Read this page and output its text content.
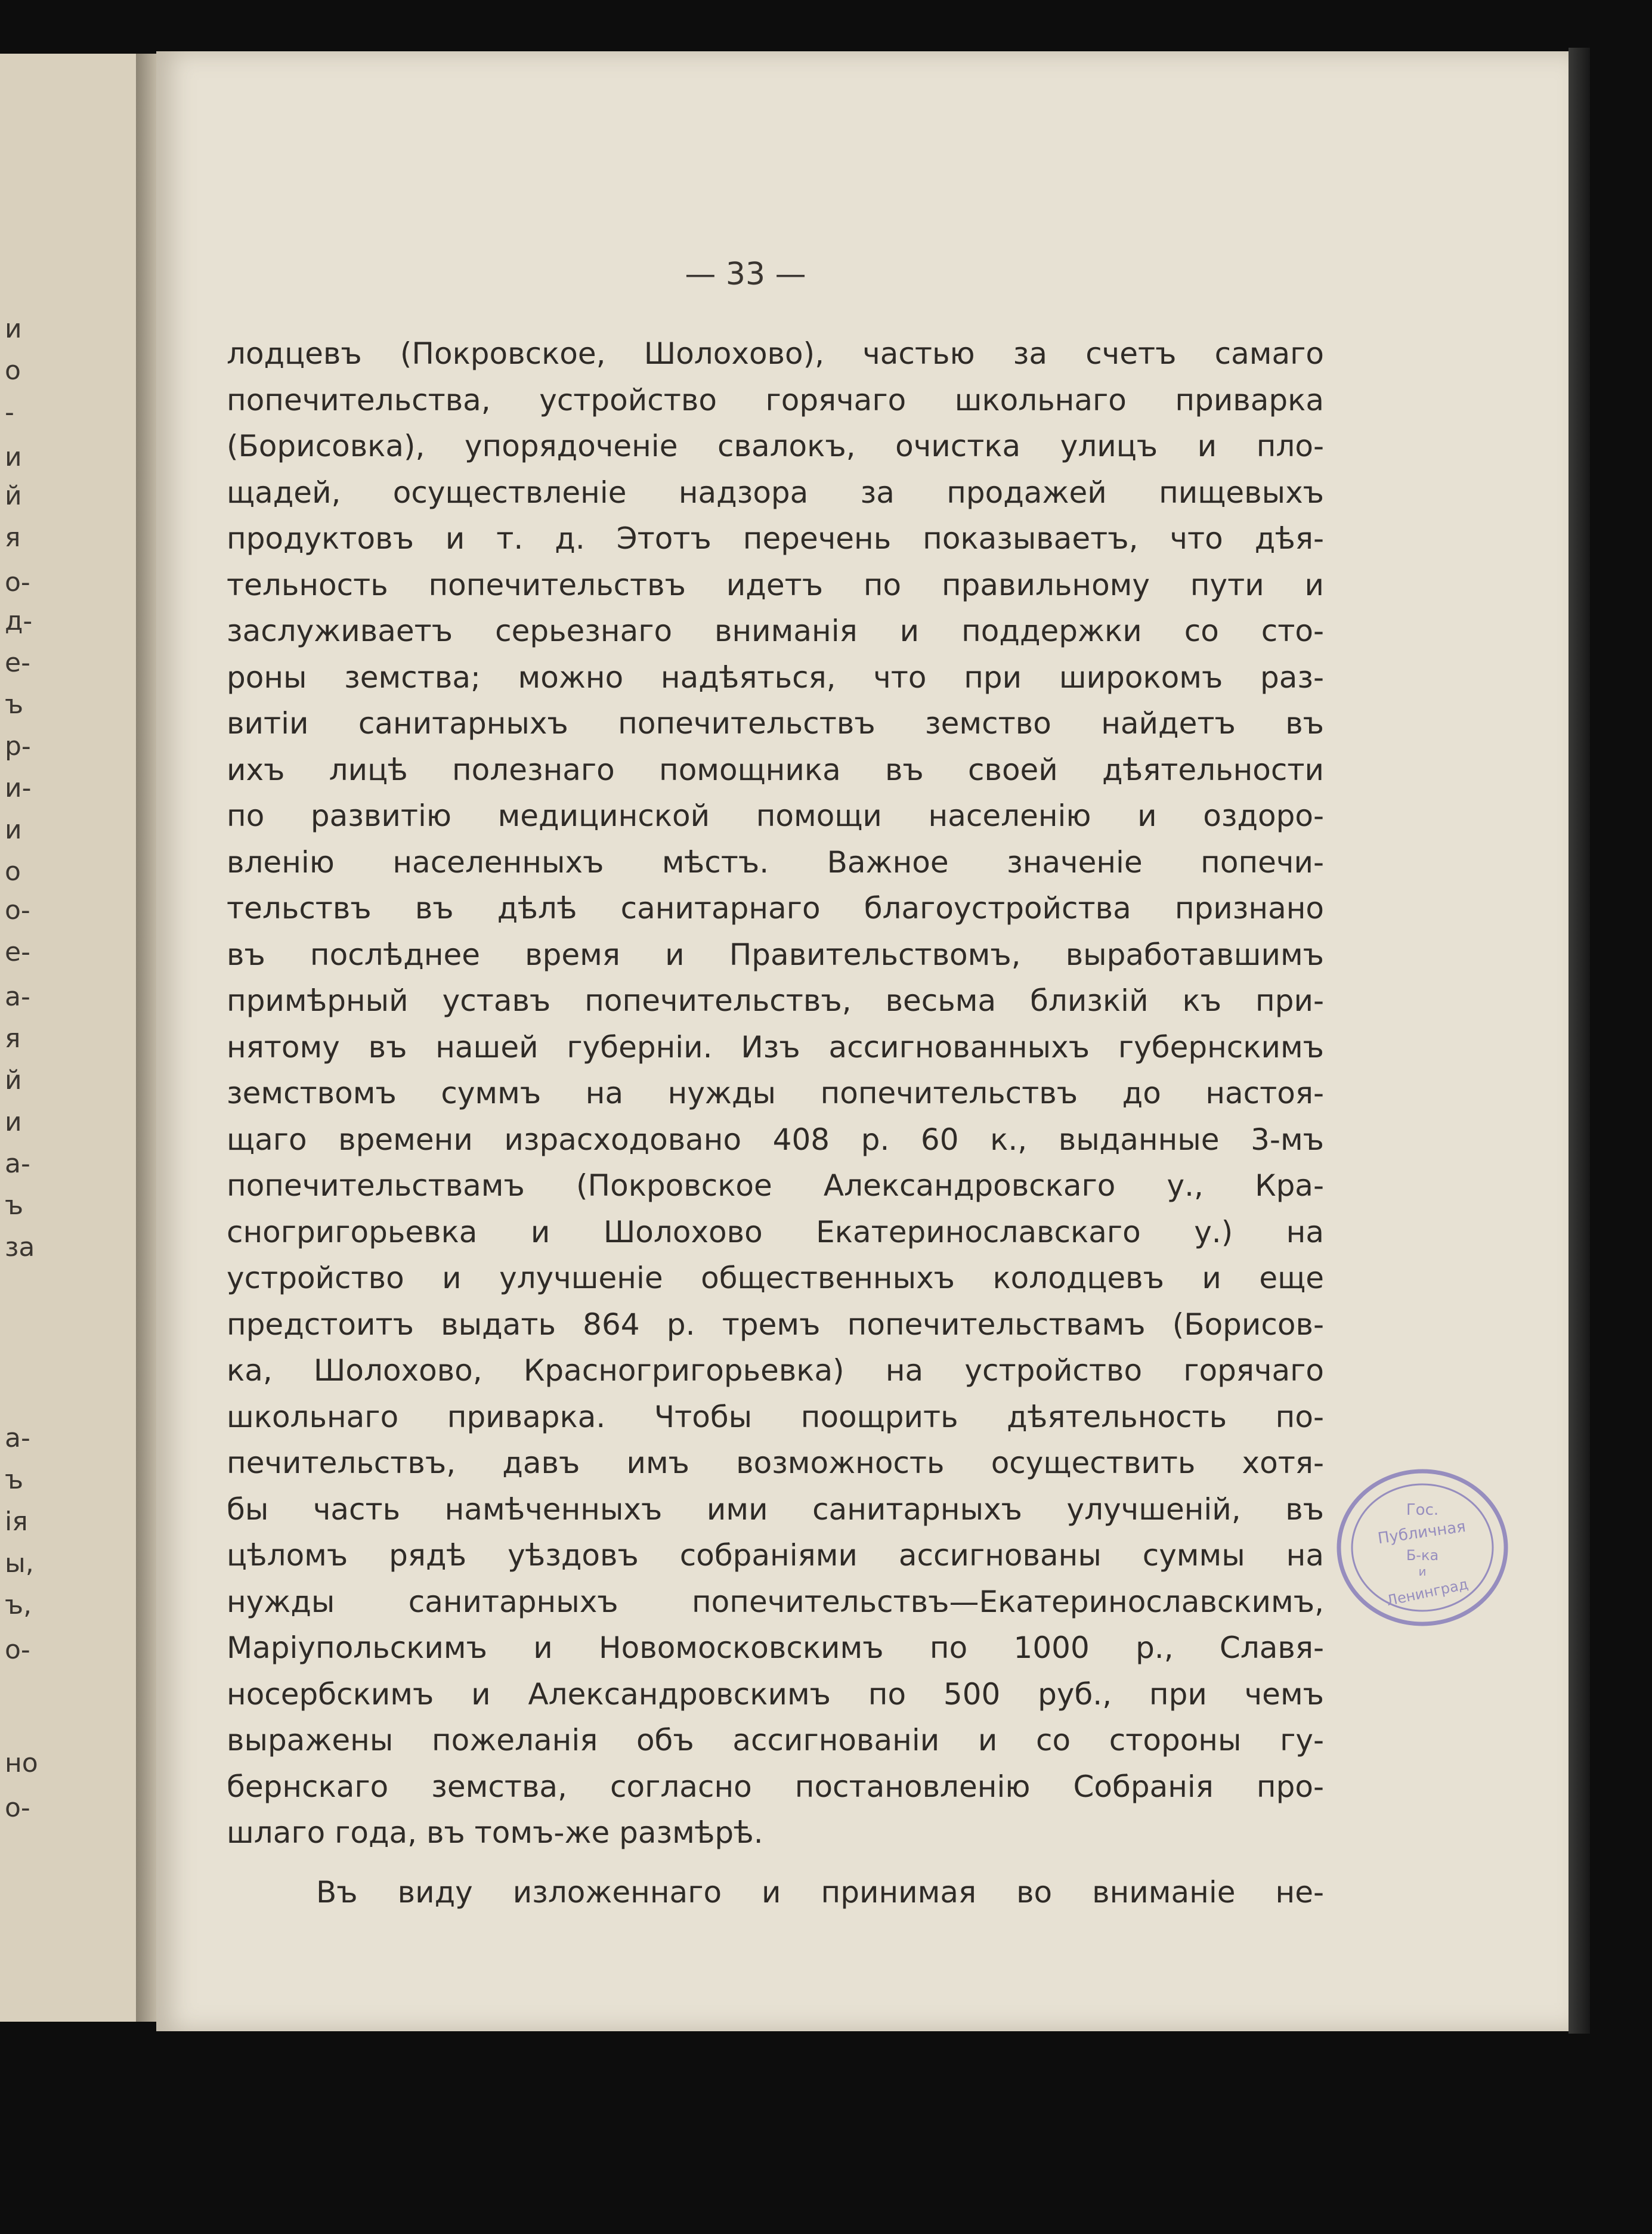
и
о
-
и
й
я
о-
д-
е-
ъ
р-
и-
и
о
о-
е-
а-
я
й
и
а-
ъ
за
а-
ъ
ія
ы,
ъ,
о-
но
о-
— 33 —
лодцевъ (Покровское, Шолохово), частью за счетъ самаго
попечительства, устройство горячаго школьнаго приварка
(Борисовка), упорядоченіе свалокъ, очистка улицъ и пло-
щадей, осуществленіе надзора за продажей пищевыхъ
продуктовъ и т. д. Этотъ перечень показываетъ, что дѣя-
тельность попечительствъ идетъ по правильному пути и
заслуживаетъ серьезнаго вниманія и поддержки со сто-
роны земства; можно надѣяться, что при широкомъ раз-
витіи санитарныхъ попечительствъ земство найдетъ въ
ихъ лицѣ полезнаго помощника въ своей дѣятельности
по развитію медицинской помощи населенію и оздоро-
вленію населенныхъ мѣстъ. Важное значеніе попечи-
тельствъ въ дѣлѣ санитарнаго благоустройства признано
въ послѣднее время и Правительствомъ, выработавшимъ
примѣрный уставъ попечительствъ, весьма близкій къ при-
нятому въ нашей губерніи. Изъ ассигнованныхъ губернскимъ
земствомъ суммъ на нужды попечительствъ до настоя-
щаго времени израсходовано 408 р. 60 к., выданные 3-мъ
попечительствамъ (Покровское Александровскаго у., Кра-
сногригорьевка и Шолохово Екатеринославскаго у.) на
устройство и улучшеніе общественныхъ колодцевъ и еще
предстоитъ выдать 864 р. тремъ попечительствамъ (Борисов-
ка, Шолохово, Красногригорьевка) на устройство горячаго
школьнаго приварка. Чтобы поощрить дѣятельность по-
печительствъ, давъ имъ возможность осуществить хотя-
бы часть намѣченныхъ ими санитарныхъ улучшеній, въ
цѣломъ рядѣ уѣздовъ собраніями ассигнованы суммы на
нужды санитарныхъ попечительствъ—Екатеринославскимъ,
Маріупольскимъ и Новомосковскимъ по 1000 р., Славя-
носербскимъ и Александровскимъ по 500 руб., при чемъ
выражены пожеланія объ ассигнованіи и со стороны гу-
бернскаго земства, согласно постановленію Собранія про-
шлаго года, въ томъ-же размѣрѣ.
Въ виду изложеннаго и принимая во вниманіе не-
Гос.
Публичная
Б-ка
и
Ленинград
